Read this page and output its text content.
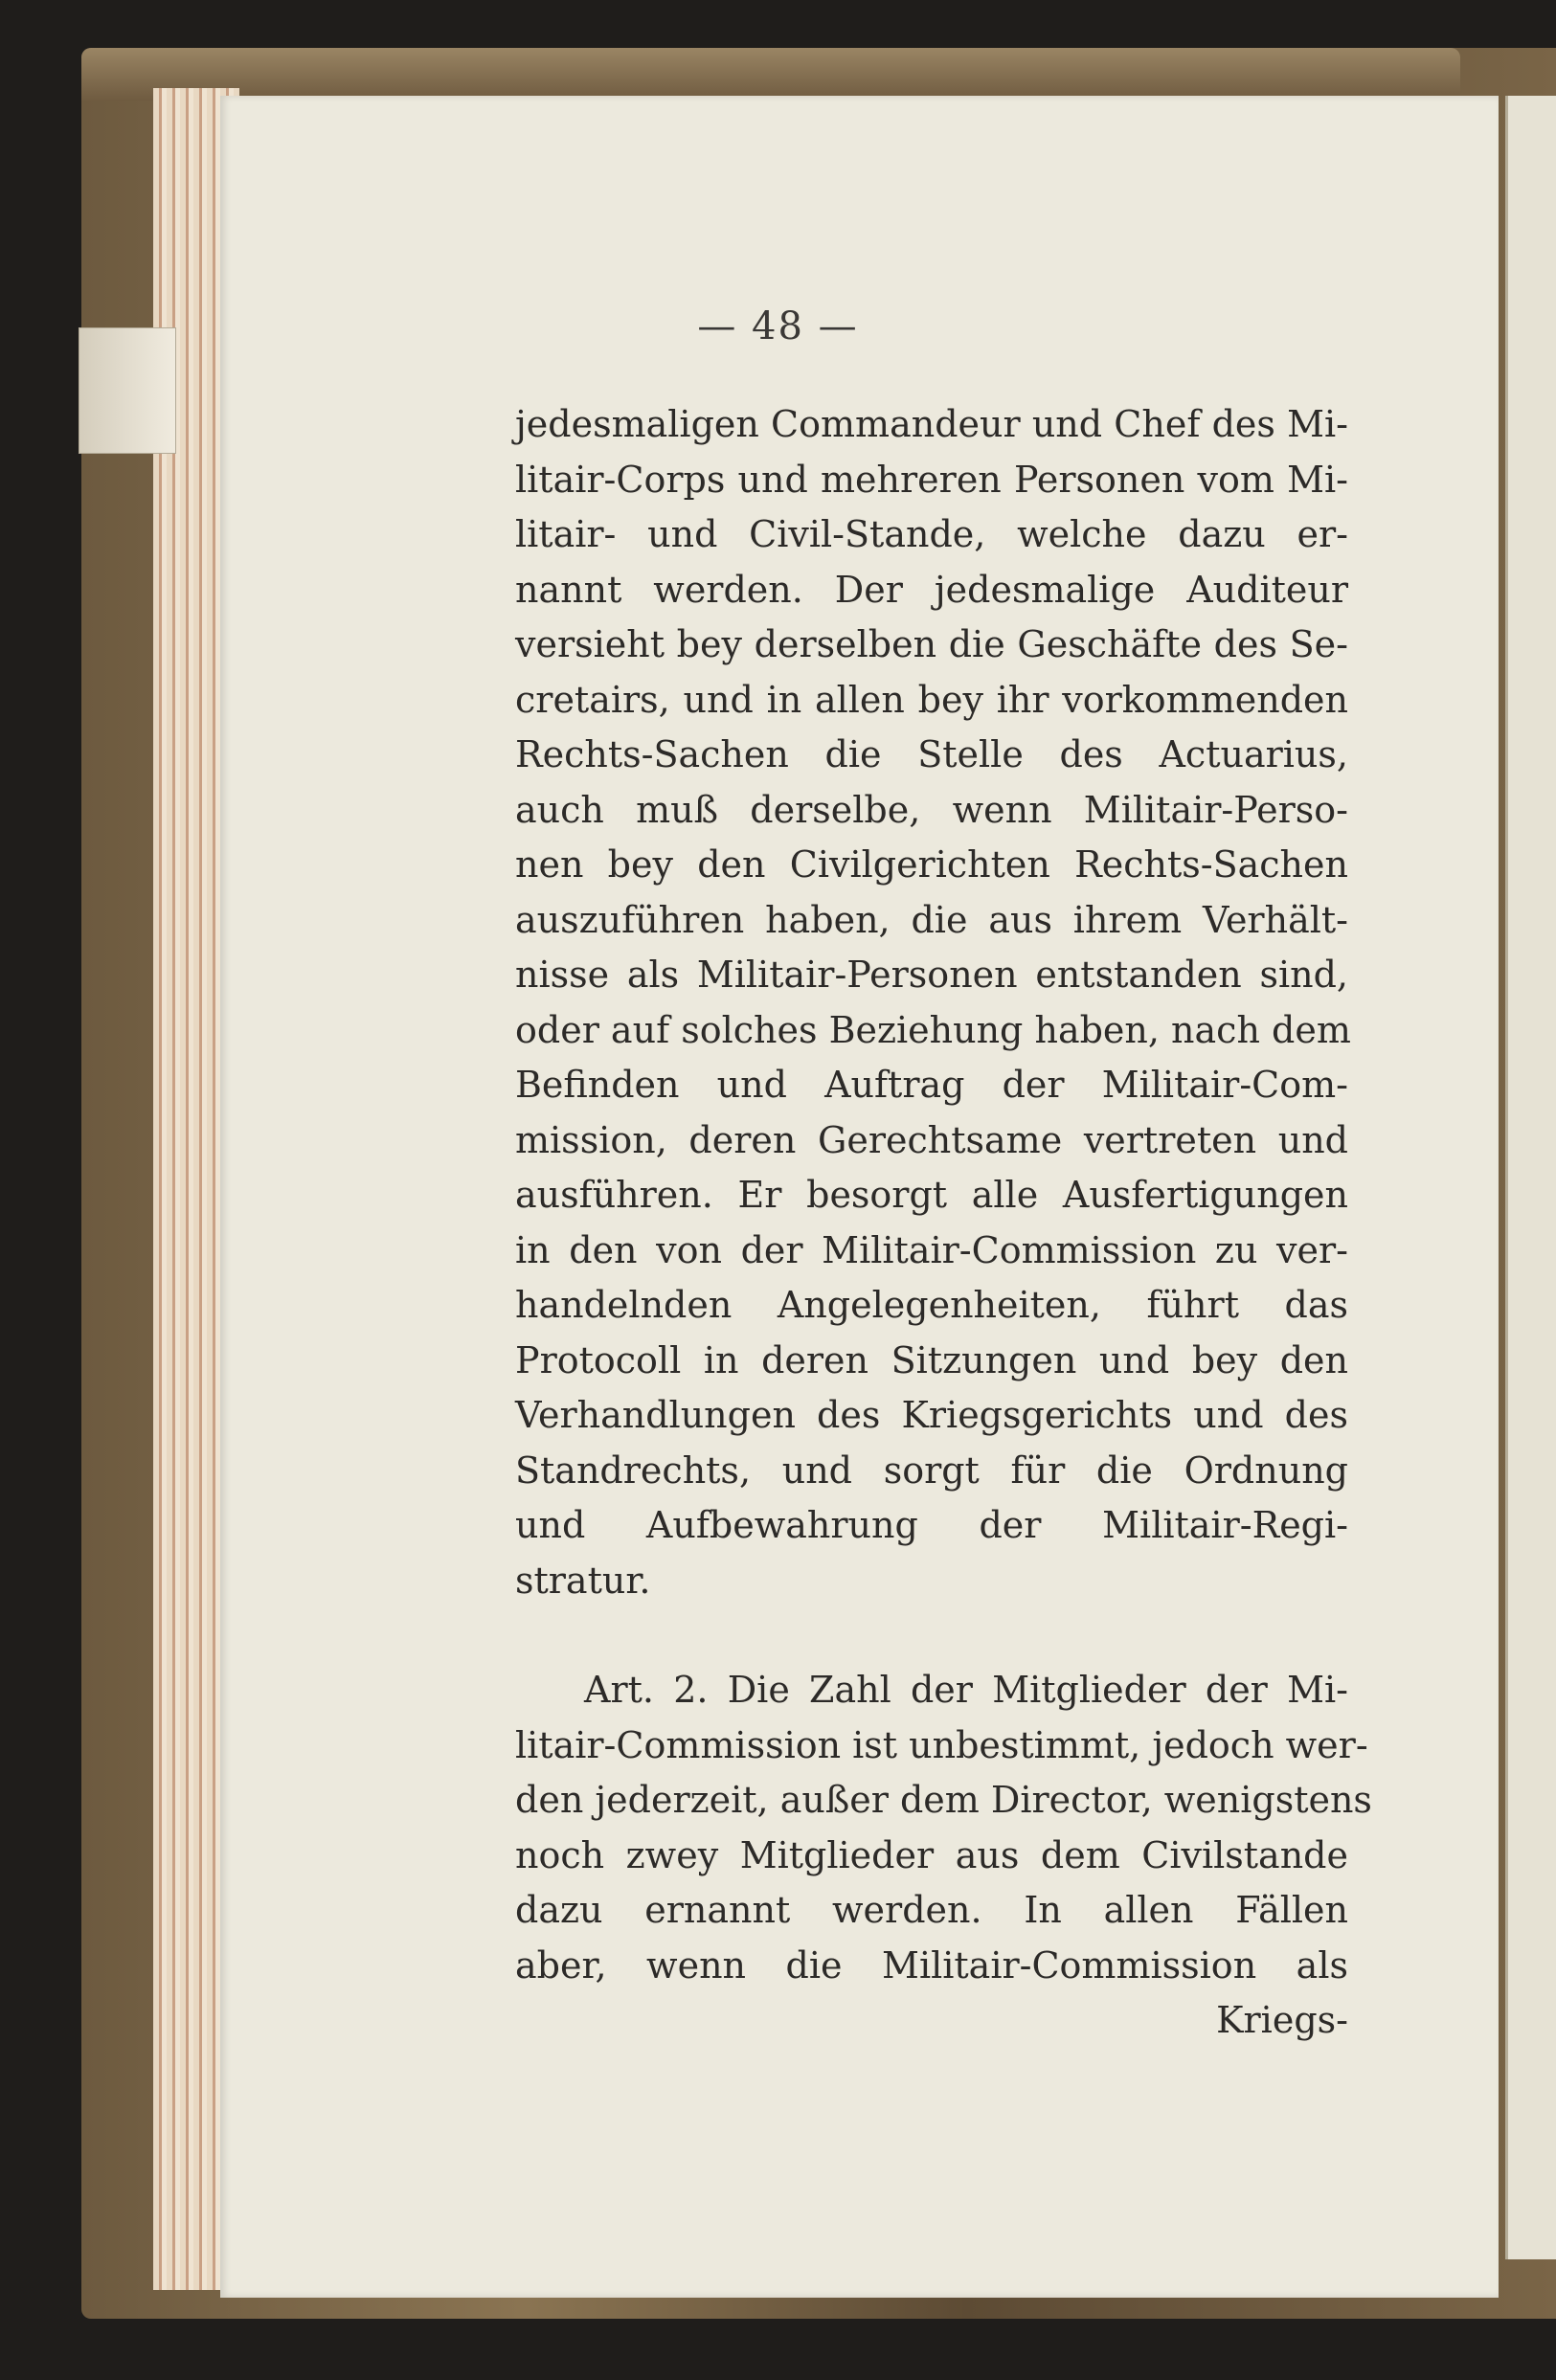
— 48 —
jedesmaligen Commandeur und Chef des Mi-
litair-Corps und mehreren Personen vom Mi-
litair- und Civil-Stande, welche dazu er-
nannt werden. Der jedesmalige Auditeur
versieht bey derselben die Geschäfte des Se-
cretairs, und in allen bey ihr vorkommenden
Rechts-Sachen die Stelle des Actuarius,
auch muß derselbe, wenn Militair-Perso-
nen bey den Civilgerichten Rechts-Sachen
auszuführen haben, die aus ihrem Verhält-
nisse als Militair-Personen entstanden sind,
oder auf solches Beziehung haben, nach dem
Befinden und Auftrag der Militair-Com-
mission, deren Gerechtsame vertreten und
ausführen. Er besorgt alle Ausfertigungen
in den von der Militair-Commission zu ver-
handelnden Angelegenheiten, führt das
Protocoll in deren Sitzungen und bey den
Verhandlungen des Kriegsgerichts und des
Standrechts, und sorgt für die Ordnung
und Aufbewahrung der Militair-Regi-
stratur.
Art. 2. Die Zahl der Mitglieder der Mi-
litair-Commission ist unbestimmt, jedoch wer-
den jederzeit, außer dem Director, wenigstens
noch zwey Mitglieder aus dem Civilstande
dazu ernannt werden. In allen Fällen
aber, wenn die Militair-Commission als
Kriegs-
